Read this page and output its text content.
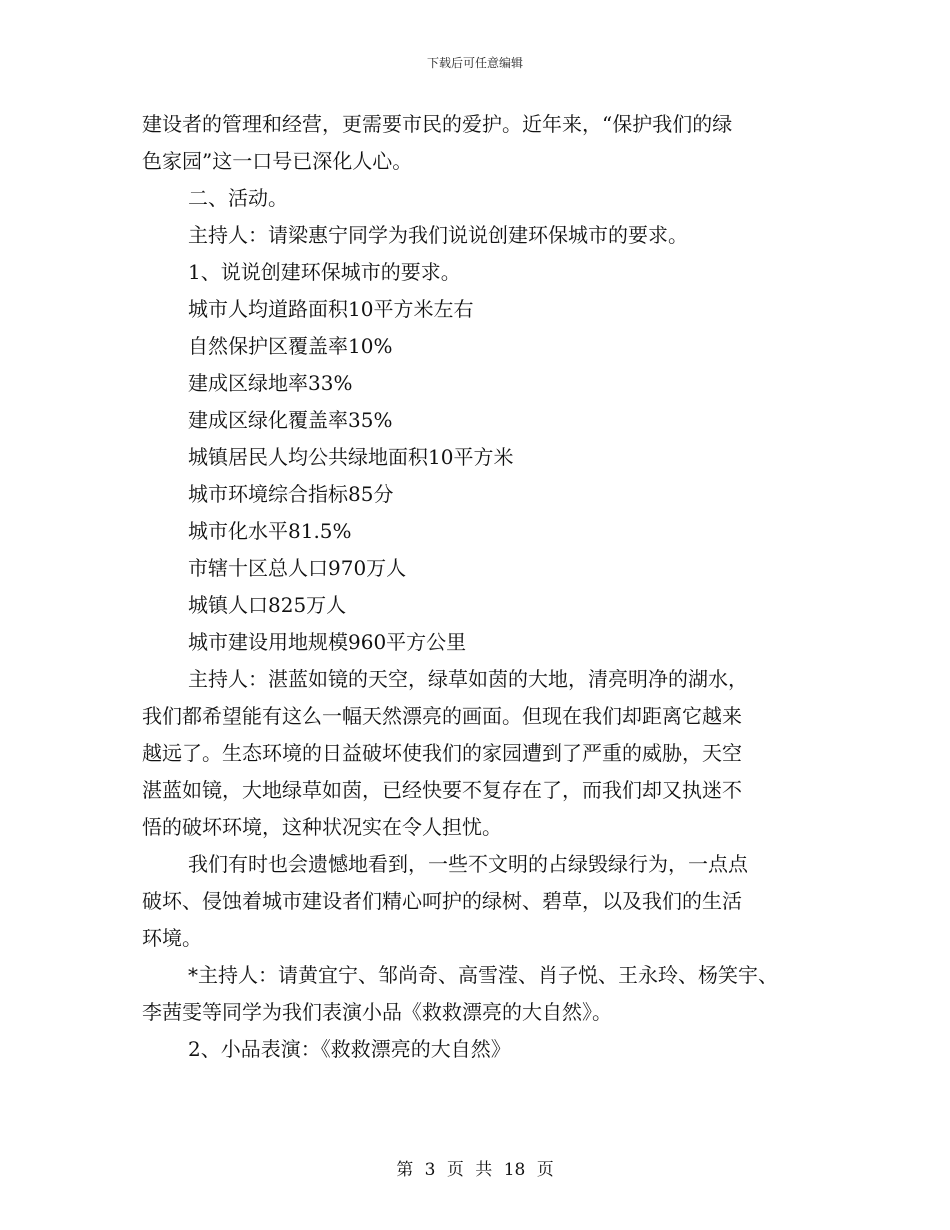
下载后可任意编辑
建设者的管理和经营，更需要市民的爱护。近年来，“保护我们的绿
色家园”这一口号已深化人心。
二、活动。
主持人：请梁惠宁同学为我们说说创建环保城市的要求。
1、说说创建环保城市的要求。
城市人均道路面积10平方米左右
自然保护区覆盖率10%
建成区绿地率33%
建成区绿化覆盖率35%
城镇居民人均公共绿地面积10平方米
城市环境综合指标85分
城市化水平81.5%
市辖十区总人口970万人
城镇人口825万人
城市建设用地规模960平方公里
主持人：湛蓝如镜的天空，绿草如茵的大地，清亮明净的湖水，
我们都希望能有这么一幅天然漂亮的画面。但现在我们却距离它越来
越远了。生态环境的日益破坏使我们的家园遭到了严重的威胁，天空
湛蓝如镜，大地绿草如茵，已经快要不复存在了，而我们却又执迷不
悟的破坏环境，这种状况实在令人担忧。
我们有时也会遗憾地看到，一些不文明的占绿毁绿行为，一点点
破坏、侵蚀着城市建设者们精心呵护的绿树、碧草，以及我们的生活
环境。
*主持人：请黄宜宁、邹尚奇、高雪滢、肖子悦、王永玲、杨笑宇、
李茜雯等同学为我们表演小品《救救漂亮的大自然》。
2、小品表演：《救救漂亮的大自然》
第 3 页 共 18 页
